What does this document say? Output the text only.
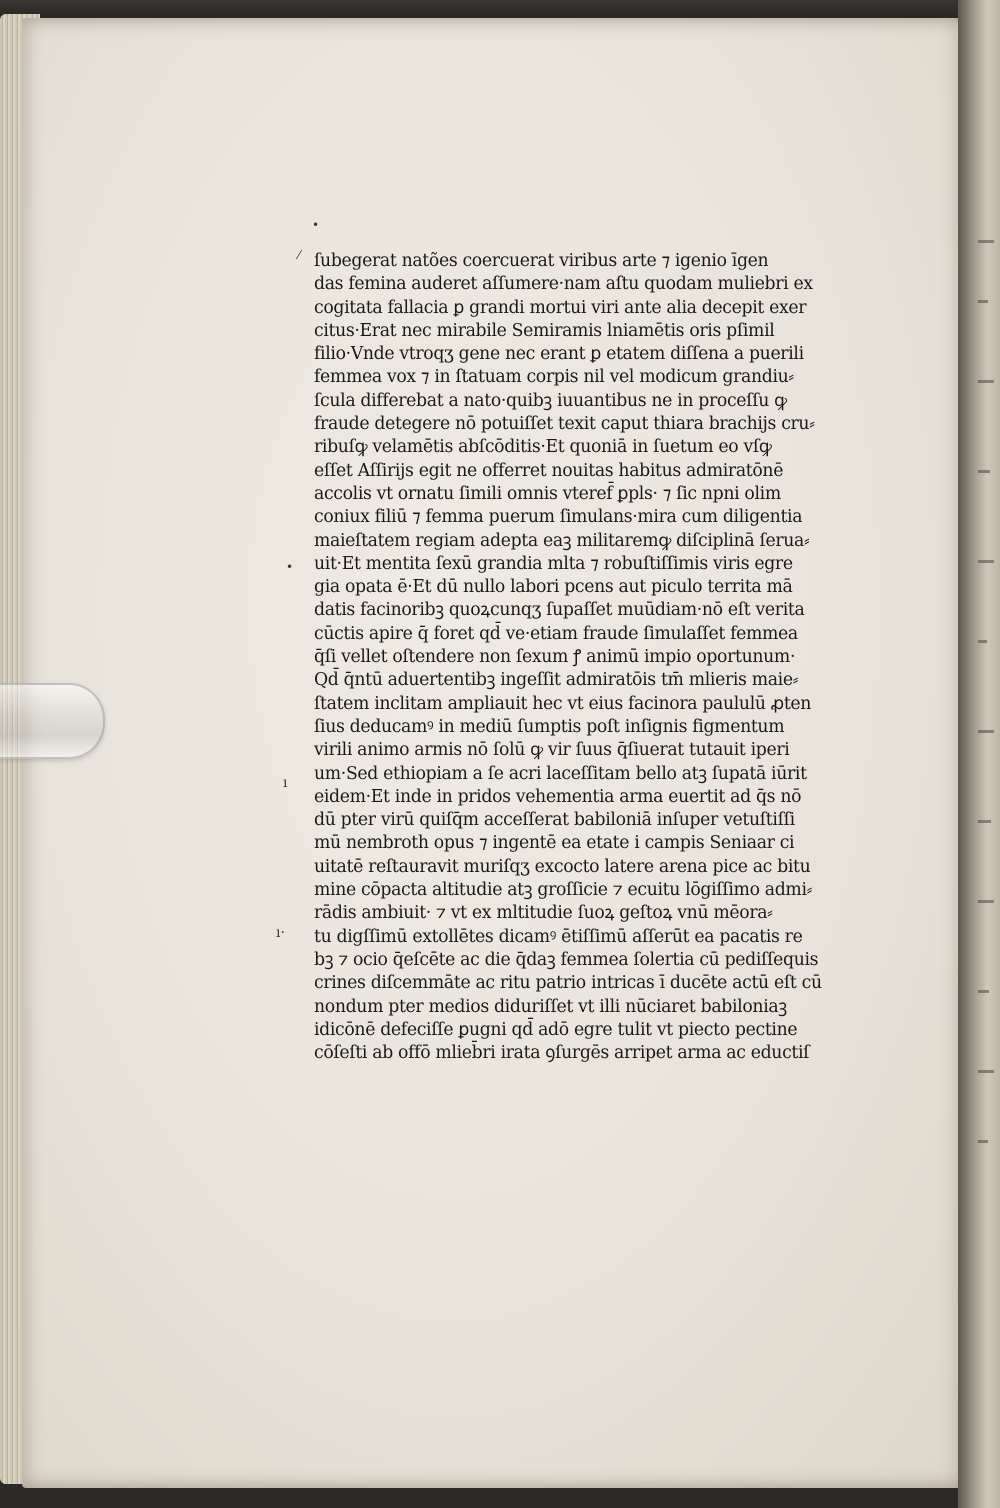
•
⁄
•
ı
ı·
ſubegerat natões coercuerat viribus arte ⁊ igenio īgen
das femina auderet aſſumere·nam aſtu quodam muliebri ex
cogitata fallacia ꝑ grandi mortui viri ante alia decepit exer
citus·Erat nec mirabile Semiramis lniamētis oris pſimil
filio·Vnde vtroqʒ gene nec erant ꝑ etatem diſſena a puerili
femmea vox ⁊ in ſtatuam corpis nil vel modicum grandiu⸗
ſcula differebat a nato·quibꝫ iuuantibus ne in proceſſu ꝙ
fraude detegere nō potuiſſet texit caput thiara brachijs cru⸗
ribuſꝙ velamētis abſcōditis·Et quoniā in ſuetum eo vſꝙ
eſſet Aſſirijs egit ne offerret nouitas habitus admiratōnē
accolis vt ornatu ſimili omnis vteref̄ ꝑpls· ⁊ ſic npni olim
coniux filiū ⁊ femma puerum ſimulans·mira cum diligentia
maieſtatem regiam adepta eaꝫ militaremꝙ diſciplinā ſerua⸗
uit·Et mentita ſexū grandia mlta ⁊ robuſtiſſimis viris egre
gia opata ē·Et dū nullo labori pcens aut piculo territa mā
datis facinoribꝫ quoꝝcunqʒ ſupaſſet muūdiam·nō eſt verita
cūctis apire q̄ foret qd̄ ve·etiam fraude ſimulaſſet femmea
q̄ſi vellet oſtendere non ſexum ꝭ animū impio oportunum·
Qd̄ q̄ntū aduertentibꝫ ingeſſit admiratōis tm̄ mlieris maie⸗
ſtatem inclitam ampliauit hec vt eius facinora paululū ꝓten
ſius deducamꝰ in mediū ſumptis poſt inſignis figmentum
virili animo armis nō ſolū ꝙ vir ſuus q̄ſiuerat tutauit iperi
um·Sed ethiopiam a ſe acri laceſſitam bello atꝫ ſupatā iūrit
eidem·Et inde in pridos vehementia arma euertit ad q̄s nō
dū pter virū quiſq̄m acceſſerat babiloniā inſuper vetuſtiſſi
mū nembroth opus ⁊ ingentē ea etate i campis Seniaar ci
uitatē reſtauravit muriſqʒ excocto latere arena pice ac bitu
mine cōpacta altitudie atꝫ groſſicie ⁊ ecuitu lōgiſſimo admi⸗
rādis ambiuit· ⁊ vt ex mltitudie ſuoꝝ geſtoꝝ vnū mēora⸗
tu digſſimū extollētes dicamꝰ ētiſſimū aſſerūt ea pacatis re
bꝫ ⁊ ocio q̄eſcēte ac die q̄daꝫ femmea ſolertia cū pediſſequis
crines diſcemmāte ac ritu patrio intricas ī ducēte actū eſt cū
nondum pter medios diduriſſet vt illi nūciaret babiloniaꝫ
idicōnē defeciſſe ꝑugni qd̄ adō egre tulit vt piecto pectine
cōſeſti ab offō mlieb̄ri irata ꝯſurgēs arripet arma ac eductiſ
